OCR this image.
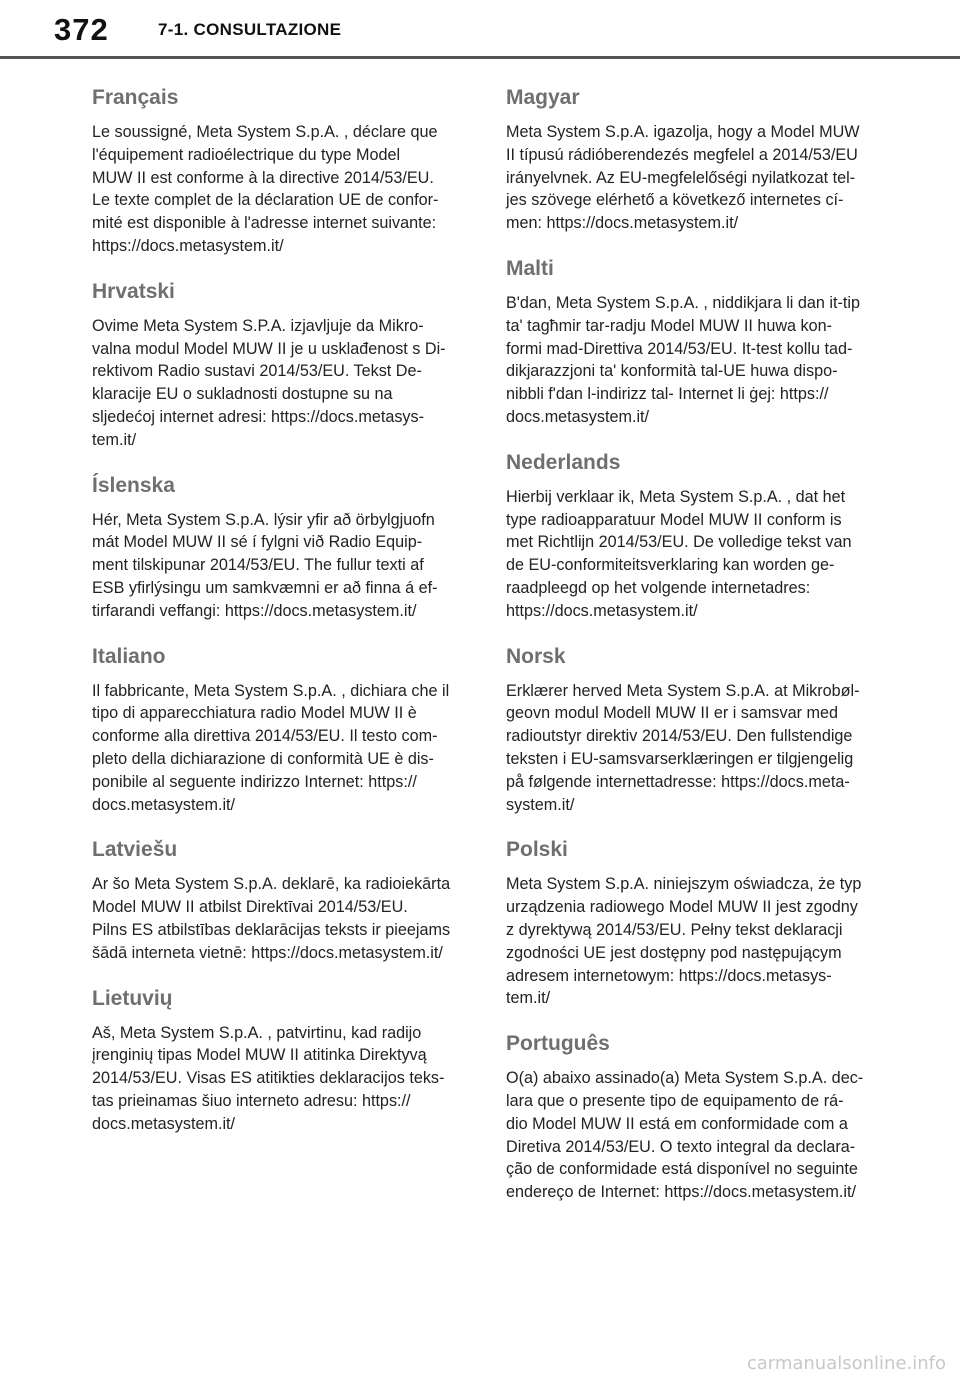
372	7-1. CONSULTAZIONE
Français

Le soussigné, Meta System S.p.A. , déclare que
l'équipement radioélectrique du type Model
MUW II est conforme à la directive 2014/53/EU.
Le texte complet de la déclaration UE de confor-
mité est disponible à l'adresse internet suivante:
https://docs.metasystem.it/

Hrvatski

Ovime Meta System S.P.A. izjavljuje da Mikro-
valna modul Model MUW II je u usklađenost s Di-
rektivom Radio sustavi 2014/53/EU. Tekst De-
klaracije EU o sukladnosti dostupne su na
sljedećoj internet adresi: https://docs.metasys-
tem.it/

Íslenska

Hér, Meta System S.p.A. lýsir yfir að örbylgjuofn
mát Model MUW II sé í fylgni við Radio Equip-
ment tilskipunar 2014/53/EU. The fullur texti af
ESB yfirlýsingu um samkvæmni er að finna á ef-
tirfarandi veffangi: https://docs.metasystem.it/

Italiano

Il fabbricante, Meta System S.p.A. , dichiara che il
tipo di apparecchiatura radio Model MUW II è
conforme alla direttiva 2014/53/EU. Il testo com-
pleto della dichiarazione di conformità UE è dis-
ponibile al seguente indirizzo Internet: https://
docs.metasystem.it/

Latviešu

Ar šo Meta System S.p.A. deklarē, ka radioiekārta
Model MUW II atbilst Direktīvai 2014/53/EU.
Pilns ES atbilstības deklarācijas teksts ir pieejams
šādā interneta vietnē: https://docs.metasystem.it/

Lietuvių

Aš, Meta System S.p.A. , patvirtinu, kad radijo
įrenginių tipas Model MUW II atitinka Direktyvą
2014/53/EU. Visas ES atitikties deklaracijos teks-
tas prieinamas šiuo interneto adresu: https://
docs.metasystem.it/

Magyar

Meta System S.p.A. igazolja, hogy a Model MUW
II típusú rádióberendezés megfelel a 2014/53/EU
irányelvnek. Az EU-megfelelőségi nyilatkozat tel-
jes szövege elérhető a következő internetes cí-
men: https://docs.metasystem.it/

Malti

B'dan, Meta System S.p.A. , niddikjara li dan it-tip
ta' tagħmir tar-radju Model MUW II huwa kon-
formi mad-Direttiva 2014/53/EU. It-test kollu tad-
dikjarazzjoni ta' konformità tal-UE huwa dispo-
nibbli f'dan l-indirizz tal- Internet li ġej: https://
docs.metasystem.it/

Nederlands

Hierbij verklaar ik, Meta System S.p.A. , dat het
type radioapparatuur Model MUW II conform is
met Richtlijn 2014/53/EU. De volledige tekst van
de EU-conformiteitsverklaring kan worden ge-
raadpleegd op het volgende internetadres:
https://docs.metasystem.it/

Norsk

Erklærer herved Meta System S.p.A. at Mikrobøl-
geovn modul Modell MUW II er i samsvar med
radioutstyr direktiv 2014/53/EU. Den fullstendige
teksten i EU-samsvarserklæringen er tilgjengelig
på følgende internettadresse: https://docs.meta-
system.it/

Polski

Meta System S.p.A. niniejszym oświadcza, że typ
urządzenia radiowego Model MUW II jest zgodny
z dyrektywą 2014/53/EU. Pełny tekst deklaracji
zgodności UE jest dostępny pod następującym
adresem internetowym: https://docs.metasys-
tem.it/

Português

O(a) abaixo assinado(a) Meta System S.p.A. dec-
lara que o presente tipo de equipamento de rá-
dio Model MUW II está em conformidade com a
Diretiva 2014/53/EU. O texto integral da declara-
ção de conformidade está disponível no seguinte
endereço de Internet: https://docs.metasystem.it/

carmanualsonline.info
